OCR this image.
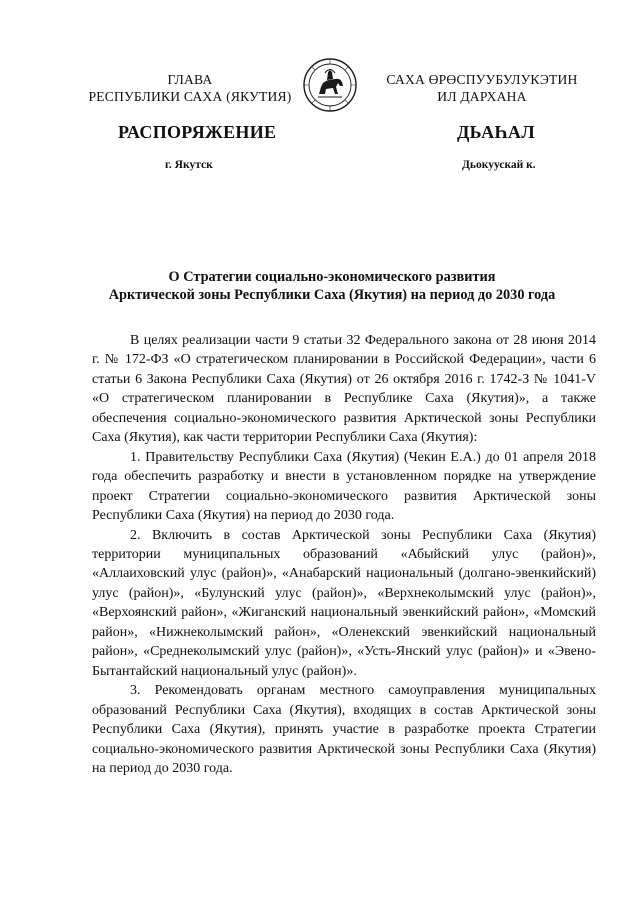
ГЛАВА
РЕСПУБЛИКИ САХА (ЯКУТИЯ)
САХА ӨРӨСПУУБУЛУКЭТИН
ИЛ ДАРХАНА
РАСПОРЯЖЕНИЕ	ДЬАҺАЛ
г. Якутск	Дьокуускай к.
О Стратегии социально-экономического развития
Арктической зоны Республики Саха (Якутия) на период до 2030 года

В целях реализации части 9 статьи 32 Федерального закона от 28 июня 2014 г. № 172-ФЗ «О стратегическом планировании в Российской Федерации», части 6 статьи 6 Закона Республики Саха (Якутия) от 26 октября 2016 г. 1742-З № 1041-V «О стратегическом планировании в Республике Саха (Якутия)», а также обеспечения социально-экономического развития Арктической зоны Республики Саха (Якутия), как части территории Республики Саха (Якутия):

1. Правительству Республики Саха (Якутия) (Чекин Е.А.) до 01 апреля 2018 года обеспечить разработку и внести в установленном порядке на утверждение проект Стратегии социально-экономического развития Арктической зоны Республики Саха (Якутия) на период до 2030 года.

2. Включить в состав Арктической зоны Республики Саха (Якутия) территории муниципальных образований «Абыйский улус (район)», «Аллаиховский улус (район)», «Анабарский национальный (долгано-эвенкийский) улус (район)», «Булунский улус (район)», «Верхнеколымский улус (район)», «Верхоянский район», «Жиганский национальный эвенкийский район», «Момский район», «Нижнеколымский район», «Оленекский эвенкийский национальный район», «Среднеколымский улус (район)», «Усть-Янский улус (район)» и «Эвено-Бытантайский национальный улус (район)».

3. Рекомендовать органам местного самоуправления муниципальных образований Республики Саха (Якутия), входящих в состав Арктической зоны Республики Саха (Якутия), принять участие в разработке проекта Стратегии социально-экономического развития Арктической зоны Республики Саха (Якутия) на период до 2030 года.
